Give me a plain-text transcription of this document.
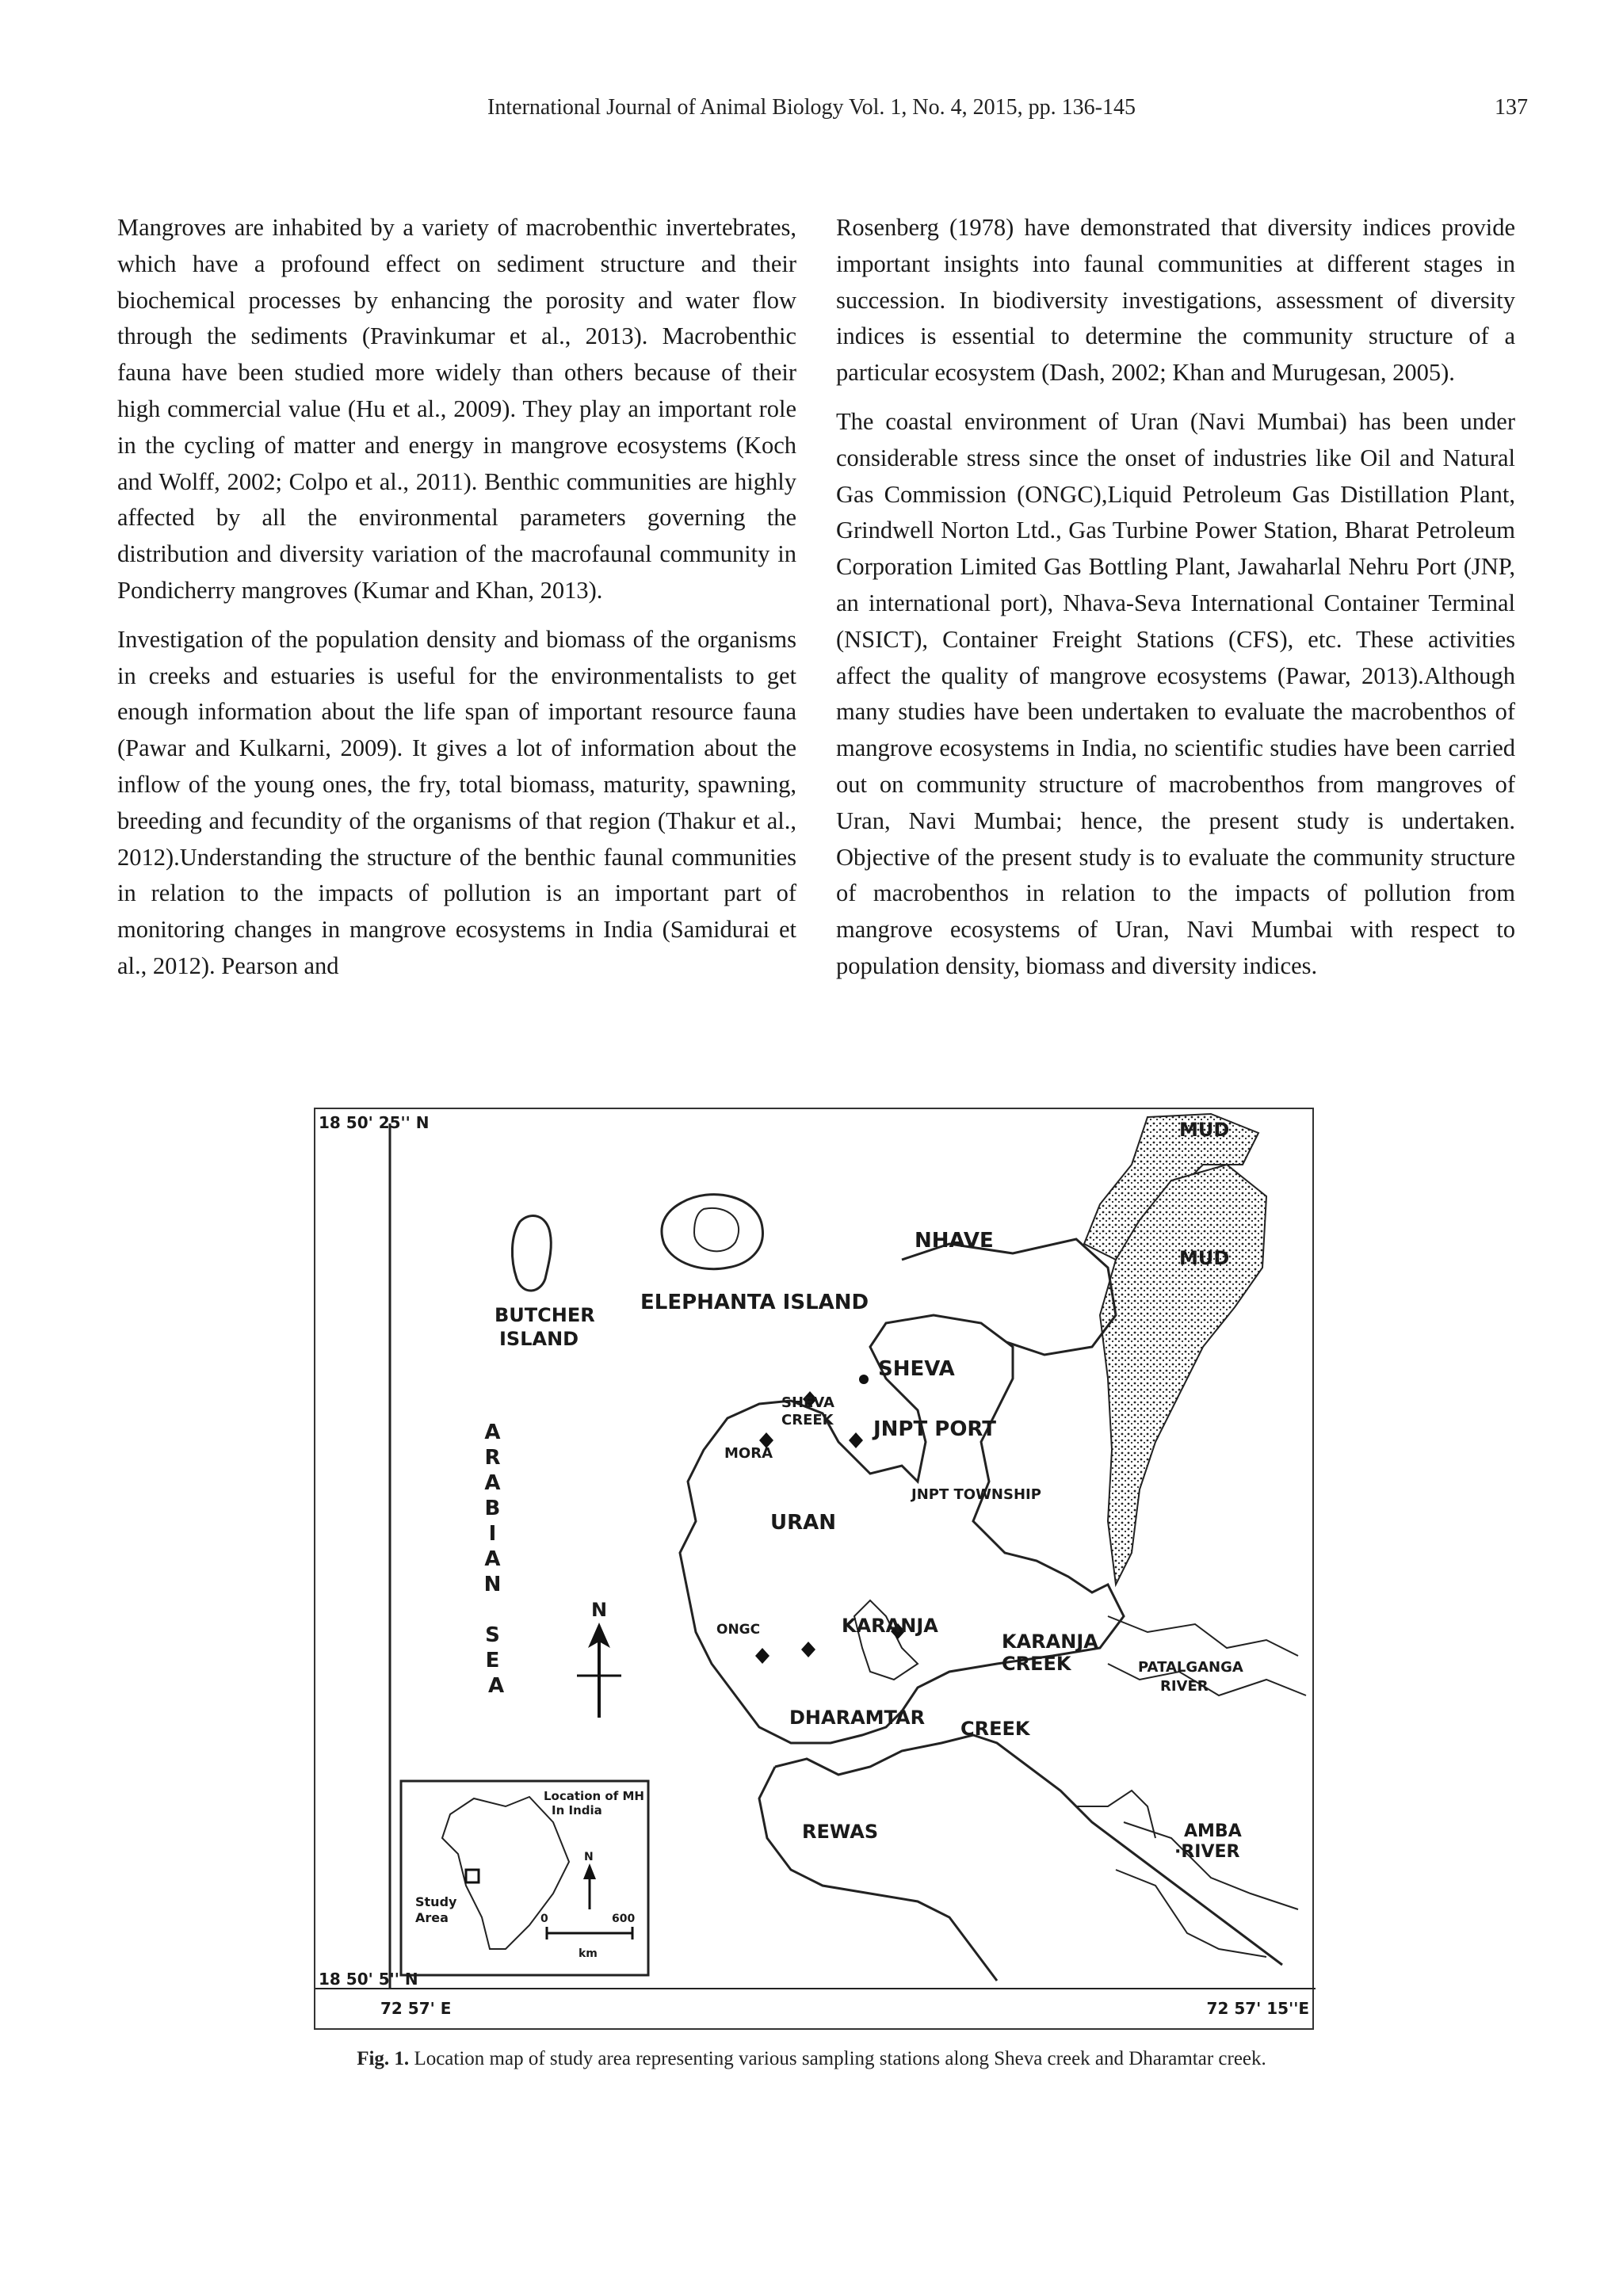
International Journal of Animal Biology Vol. 1, No. 4, 2015, pp. 136-145	137

Mangroves are inhabited by a variety of macrobenthic invertebrates, which have a profound effect on sediment structure and their biochemical processes by enhancing the porosity and water flow through the sediments (Pravinkumar et al., 2013). Macrobenthic fauna have been studied more widely than others because of their high commercial value (Hu et al., 2009). They play an important role in the cycling of matter and energy in mangrove ecosystems (Koch and Wolff, 2002; Colpo et al., 2011). Benthic communities are highly affected by all the environmental parameters governing the distribution and diversity variation of the macrofaunal community in Pondicherry mangroves (Kumar and Khan, 2013).

Investigation of the population density and biomass of the organisms in creeks and estuaries is useful for the environmentalists to get enough information about the life span of important resource fauna (Pawar and Kulkarni, 2009). It gives a lot of information about the inflow of the young ones, the fry, total biomass, maturity, spawning, breeding and fecundity of the organisms of that region (Thakur et al., 2012).Understanding the structure of the benthic faunal communities in relation to the impacts of pollution is an important part of monitoring changes in mangrove ecosystems in India (Samidurai et al., 2012). Pearson and

Rosenberg (1978) have demonstrated that diversity indices provide important insights into faunal communities at different stages in succession. In biodiversity investigations, assessment of diversity indices is essential to determine the community structure of a particular ecosystem (Dash, 2002; Khan and Murugesan, 2005).

The coastal environment of Uran (Navi Mumbai) has been under considerable stress since the onset of industries like Oil and Natural Gas Commission (ONGC),Liquid Petroleum Gas Distillation Plant, Grindwell Norton Ltd., Gas Turbine Power Station, Bharat Petroleum Corporation Limited Gas Bottling Plant, Jawaharlal Nehru Port (JNP, an international port), Nhava-Seva International Container Terminal (NSICT), Container Freight Stations (CFS), etc. These activities affect the quality of mangrove ecosystems (Pawar, 2013).Although many studies have been undertaken to evaluate the macrobenthos of mangrove ecosystems in India, no scientific studies have been carried out on community structure of macrobenthos from mangroves of Uran, Navi Mumbai; hence, the present study is undertaken. Objective of the present study is to evaluate the community structure of macrobenthos in relation to the impacts of pollution from mangrove ecosystems of Uran, Navi Mumbai with respect to population density, biomass and diversity indices.

18 50' 25'' N
18 50' 5'' N
72 57' E	72 57' 15''E
MUD
MUD
NHAVE
BUTCHER ISLAND
ELEPHANTA ISLAND
SHEVA
SHEVA CREEK JNPT PORT
MORA
JNPT TOWNSHIP
URAN
ONGC	KARANJA
KARANJA CREEK	PATALGANGA RIVER
DHARAMTAR CREEK
REWAS	AMBA ·RIVER
A R A B I A N S E A
N
Location of MH In India
Study Area
N
0	600
km
Fig. 1. Location map of study area representing various sampling stations along Sheva creek and Dharamtar creek.
